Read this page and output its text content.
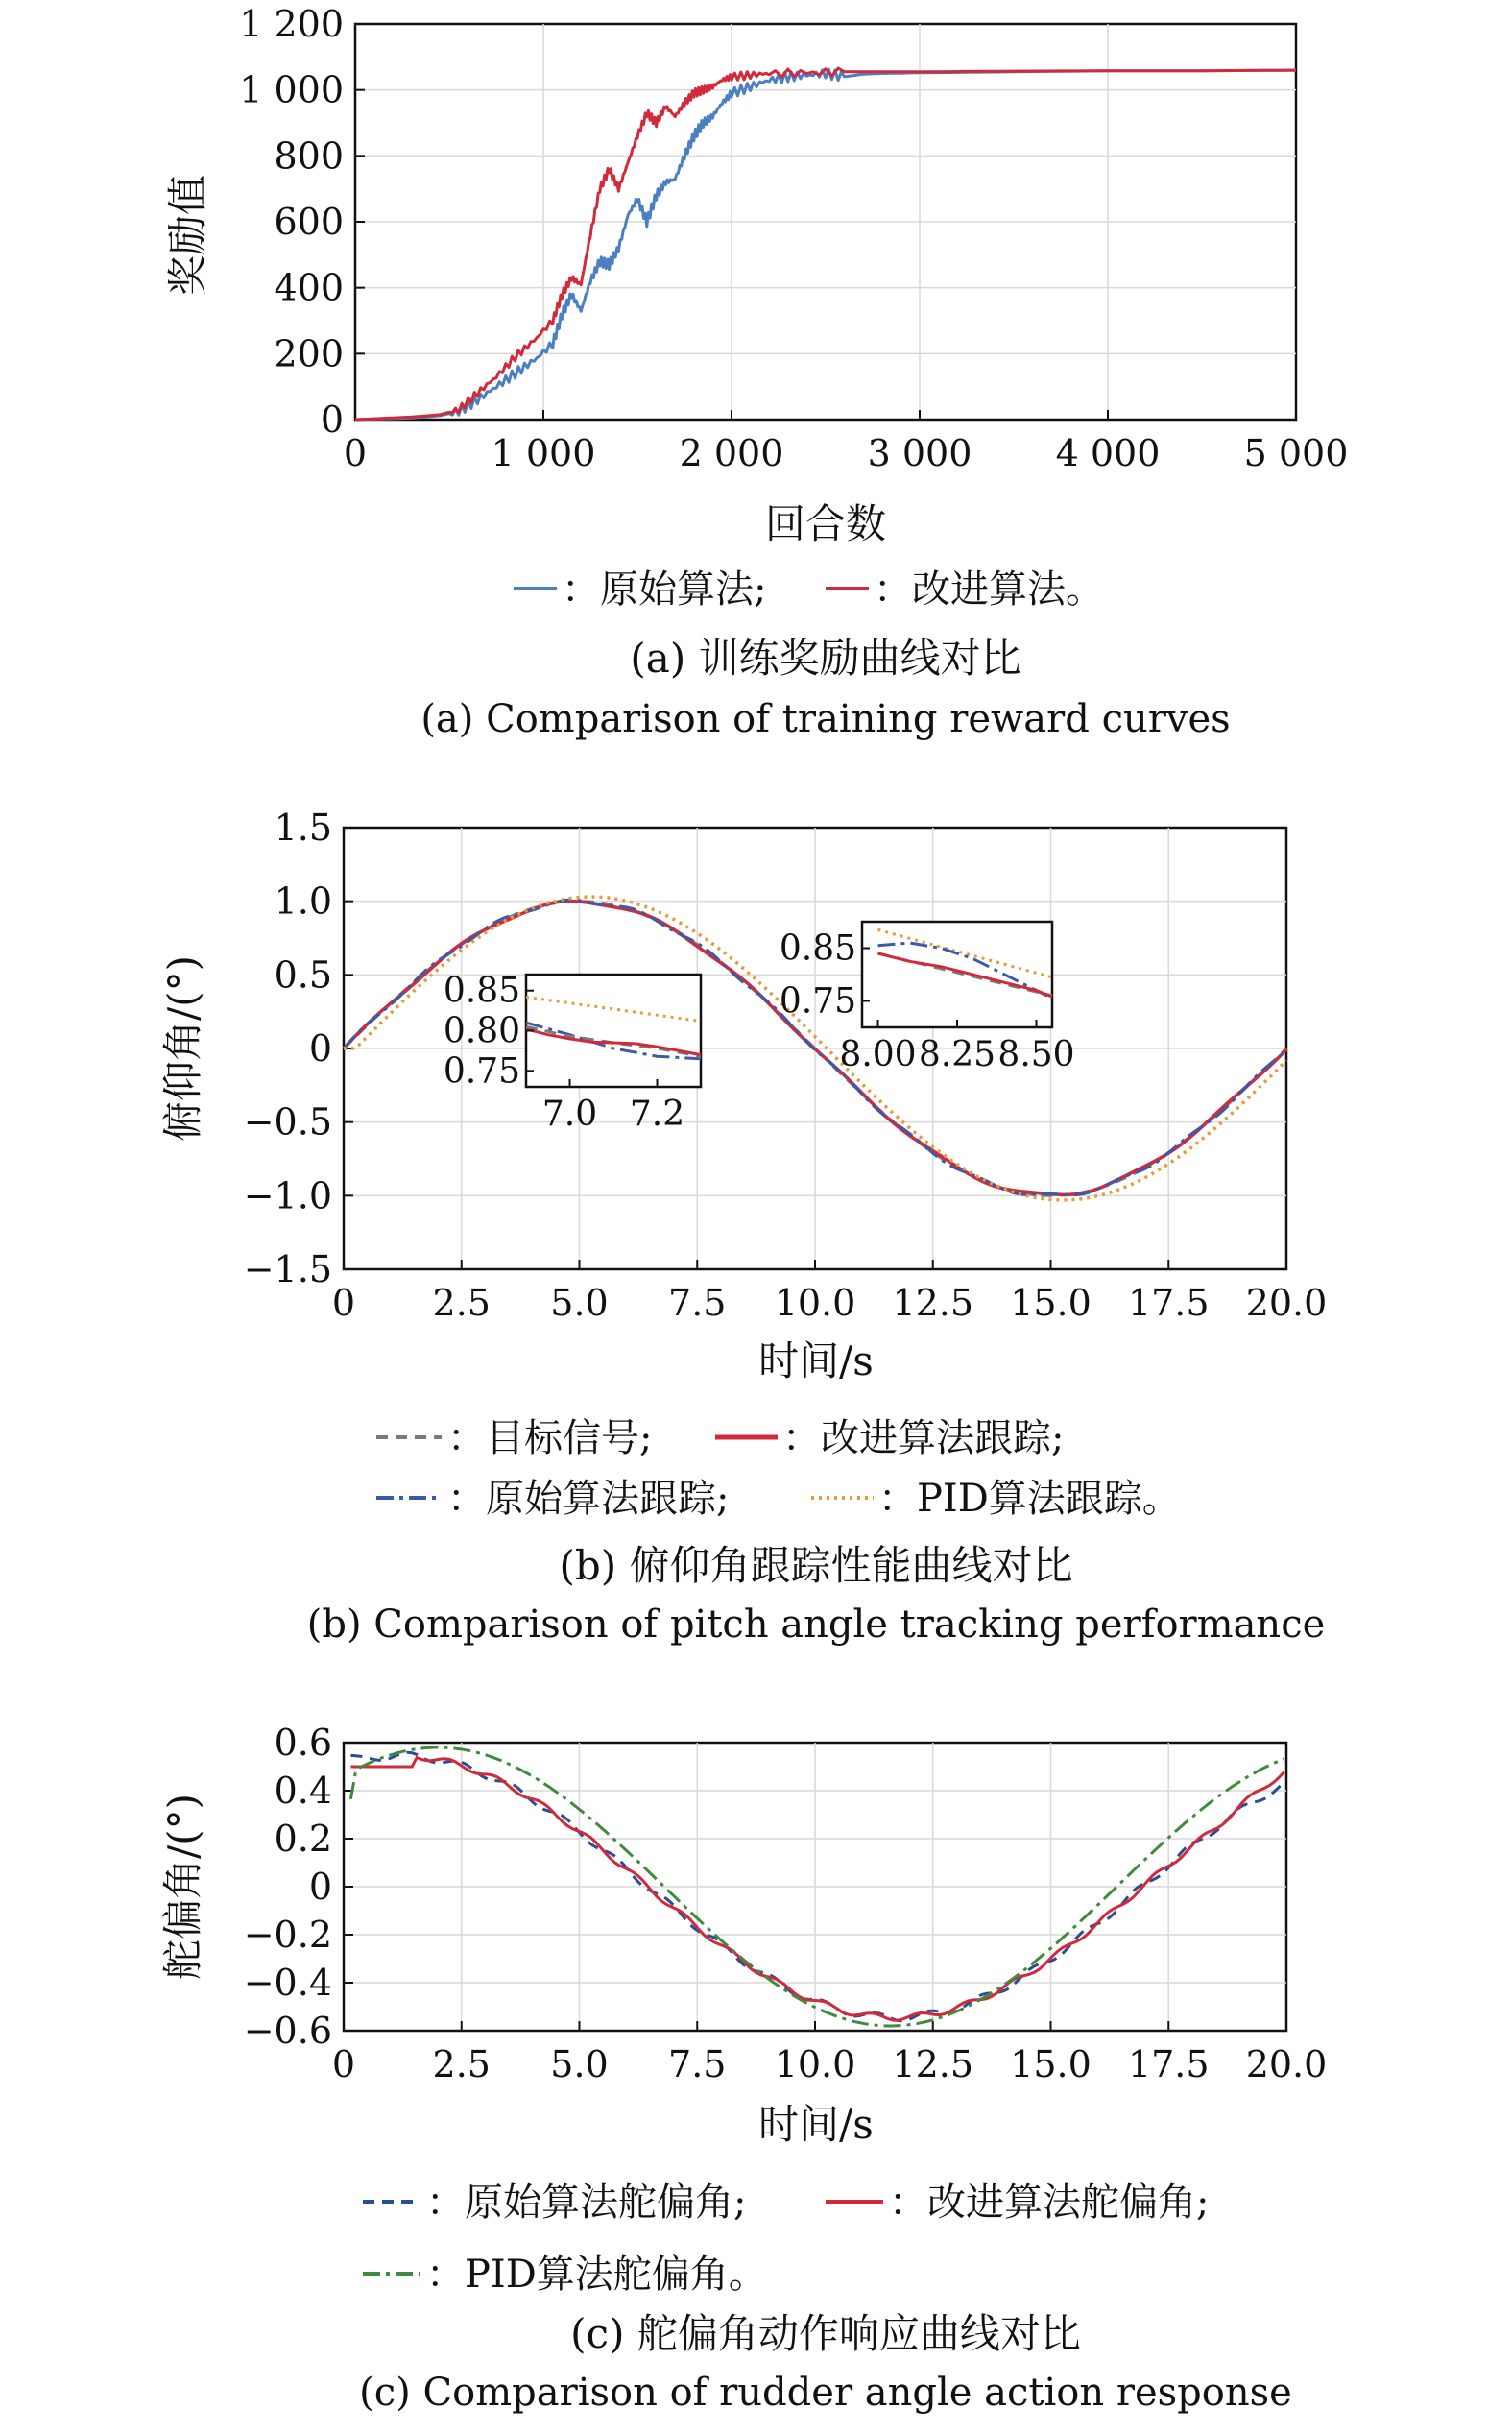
0	1 000 2 000 3 000 4 000 5 000
0
200
400
600
800
1 000
1 200
回合数
奖励值
：原始算法;	：改进算法。
(a) 训练奖励曲线对比
(a) Comparison of training reward curves
0 2.5 5.0 7.5 10.0 12.5 15.0 17.5 20.0
−1.5
−1.0
−0.5
0
0.5
1.0
1.5
0.75
0.80
0.85
7.0 7.2
0.75
0.85
8.00 8.25 8.50
时间/s
俯仰角/(°)
：目标信号;	：改进算法跟踪;
：原始算法跟踪;	：PID算法跟踪。
(b) 俯仰角跟踪性能曲线对比
(b) Comparison of pitch angle tracking performance
0 2.5 5.0 7.5 10.0 12.5 15.0 17.5 20.0
−0.6
−0.4
−0.2
0
0.2
0.4
0.6
时间/s
舵偏角/(°)
：原始算法舵偏角;	：改进算法舵偏角;
：PID算法舵偏角。
(c) 舵偏角动作响应曲线对比
(c) Comparison of rudder angle action response
